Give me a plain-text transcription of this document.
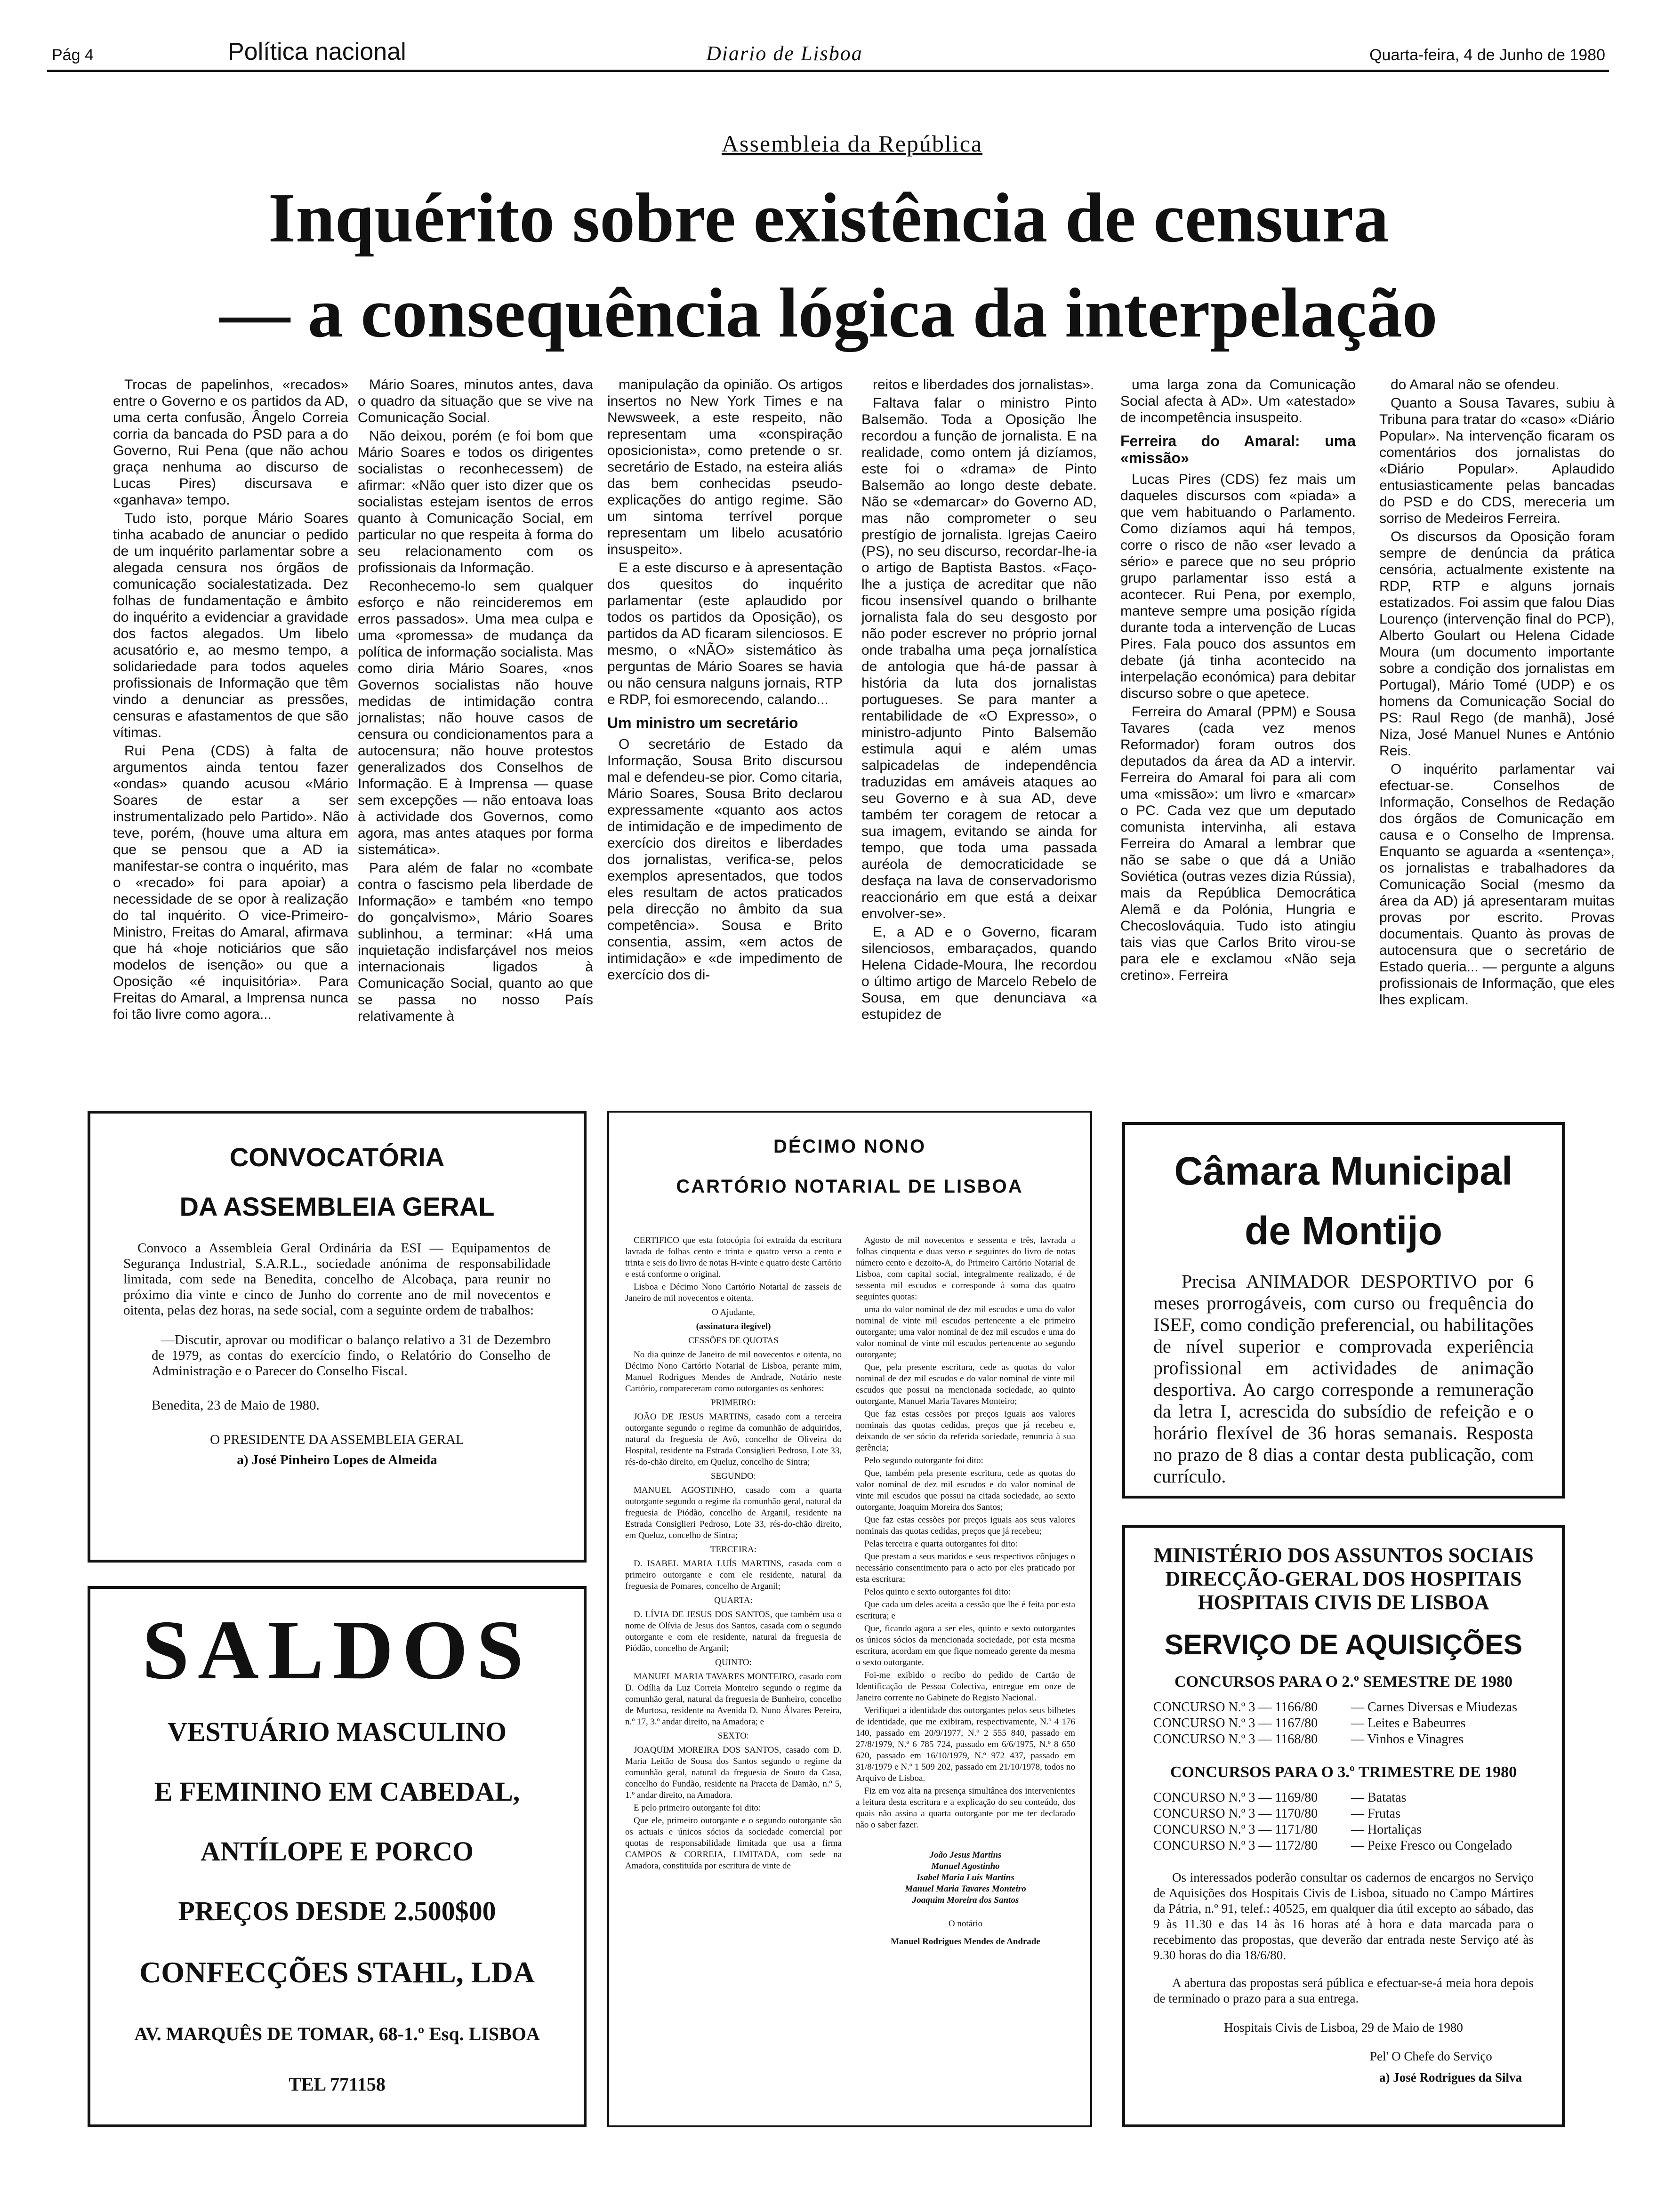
Pág 4	Política nacional	Diario de Lisboa	Quarta-feira, 4 de Junho de 1980
Assembleia da República
Inquérito sobre existência de censura
— a consequência lógica da interpelação

Trocas de papelinhos, «recados» entre o Governo e os partidos da AD, uma certa confusão, Ângelo Correia corria da bancada do PSD para a do Governo, Rui Pena (que não achou graça nenhuma ao discurso de Lucas Pires) discursava e «ganhava» tempo.

Tudo isto, porque Mário Soares tinha acabado de anunciar o pedido de um inquérito parlamentar sobre a alegada censura nos órgãos de comunicação socialestatizada. Dez folhas de fundamentação e âmbito do inquérito a evidenciar a gravidade dos factos alegados. Um libelo acusatório e, ao mesmo tempo, a solidariedade para todos aqueles profissionais de Informação que têm vindo a denunciar as pressões, censuras e afastamentos de que são vítimas.

Rui Pena (CDS) à falta de argumentos ainda tentou fazer «ondas» quando acusou «Mário Soares de estar a ser instrumentalizado pelo Partido». Não teve, porém, (houve uma altura em que se pensou que a AD ia manifestar-se contra o inquérito, mas o «recado» foi para apoiar) a necessidade de se opor à realização do tal inquérito. O vice-Primeiro-Ministro, Freitas do Amaral, afirmava que há «hoje noticiários que são modelos de isenção» ou que a Oposição «é inquisitória». Para Freitas do Amaral, a Imprensa nunca foi tão livre como agora...

Mário Soares, minutos antes, dava o quadro da situação que se vive na Comunicação Social.

Não deixou, porém (e foi bom que Mário Soares e todos os dirigentes socialistas o reconhecessem) de afirmar: «Não quer isto dizer que os socialistas estejam isentos de erros quanto à Comunicação Social, em particular no que respeita à forma do seu relacionamento com os profissionais da Informação.

Reconhecemo-lo sem qualquer esforço e não reincideremos em erros passados». Uma mea culpa e uma «promessa» de mudança da política de informação socialista. Mas como diria Mário Soares, «nos Governos socialistas não houve medidas de intimidação contra jornalistas; não houve casos de censura ou condicionamentos para a autocensura; não houve protestos generalizados dos Conselhos de Informação. E à Imprensa — quase sem excepções — não entoava loas à actividade dos Governos, como agora, mas antes ataques por forma sistemática».

Para além de falar no «combate contra o fascismo pela liberdade de Informação» e também «no tempo do gonçalvismo», Mário Soares sublinhou, a terminar: «Há uma inquietação indisfarçável nos meios internacionais ligados à Comunicação Social, quanto ao que se passa no nosso País relativamente à

manipulação da opinião. Os artigos insertos no New York Times e na Newsweek, a este respeito, não representam uma «conspiração oposicionista», como pretende o sr. secretário de Estado, na esteira aliás das bem conhecidas pseudo-explicações do antigo regime. São um sintoma terrível porque representam um libelo acusatório insuspeito».

E a este discurso e à apresentação dos quesitos do inquérito parlamentar (este aplaudido por todos os partidos da Oposição), os partidos da AD ficaram silenciosos. E mesmo, o «NÃO» sistemático às perguntas de Mário Soares se havia ou não censura nalguns jornais, RTP e RDP, foi esmorecendo, calando...

Um ministro um secretário

O secretário de Estado da Informação, Sousa Brito discursou mal e defendeu-se pior. Como citaria, Mário Soares, Sousa Brito declarou expressamente «quanto aos actos de intimidação e de impedimento de exercício dos direitos e liberdades dos jornalistas, verifica-se, pelos exemplos apresentados, que todos eles resultam de actos praticados pela direcção no âmbito da sua competência». Sousa e Brito consentia, assim, «em actos de intimidação» e «de impedimento de exercício dos di-

reitos e liberdades dos jornalistas».

Faltava falar o ministro Pinto Balsemão. Toda a Oposição lhe recordou a função de jornalista. E na realidade, como ontem já dizíamos, este foi o «drama» de Pinto Balsemão ao longo deste debate. Não se «demarcar» do Governo AD, mas não comprometer o seu prestígio de jornalista. Igrejas Caeiro (PS), no seu discurso, recordar-lhe-ia o artigo de Baptista Bastos. «Faço-lhe a justiça de acreditar que não ficou insensível quando o brilhante jornalista fala do seu desgosto por não poder escrever no próprio jornal onde trabalha uma peça jornalística de antologia que há-de passar à história da luta dos jornalistas portugueses. Se para manter a rentabilidade de «O Expresso», o ministro-adjunto Pinto Balsemão estimula aqui e além umas salpicadelas de independência traduzidas em amáveis ataques ao seu Governo e à sua AD, deve também ter coragem de retocar a sua imagem, evitando se ainda for tempo, que toda uma passada auréola de democraticidade se desfaça na lava de conservadorismo reaccionário em que está a deixar envolver-se».

E, a AD e o Governo, ficaram silenciosos, embaraçados, quando Helena Cidade-Moura, lhe recordou o último artigo de Marcelo Rebelo de Sousa, em que denunciava «a estupidez de

uma larga zona da Comunicação Social afecta à AD». Um «atestado» de incompetência insuspeito.

Ferreira do Amaral: uma «missão»

Lucas Pires (CDS) fez mais um daqueles discursos com «piada» a que vem habituando o Parlamento. Como dizíamos aqui há tempos, corre o risco de não «ser levado a sério» e parece que no seu próprio grupo parlamentar isso está a acontecer. Rui Pena, por exemplo, manteve sempre uma posição rígida durante toda a intervenção de Lucas Pires. Fala pouco dos assuntos em debate (já tinha acontecido na interpelação económica) para debitar discurso sobre o que apetece.

Ferreira do Amaral (PPM) e Sousa Tavares (cada vez menos Reformador) foram outros dos deputados da área da AD a intervir. Ferreira do Amaral foi para ali com uma «missão»: um livro e «marcar» o PC. Cada vez que um deputado comunista intervinha, ali estava Ferreira do Amaral a lembrar que não se sabe o que dá a União Soviética (outras vezes dizia Rússia), mais da República Democrática Alemã e da Polónia, Hungria e Checoslováquia. Tudo isto atingiu tais vias que Carlos Brito virou-se para ele e exclamou «Não seja cretino». Ferreira

do Amaral não se ofendeu.

Quanto a Sousa Tavares, subiu à Tribuna para tratar do «caso» «Diário Popular». Na intervenção ficaram os comentários dos jornalistas do «Diário Popular». Aplaudido entusiasticamente pelas bancadas do PSD e do CDS, mereceria um sorriso de Medeiros Ferreira.

Os discursos da Oposição foram sempre de denúncia da prática censória, actualmente existente na RDP, RTP e alguns jornais estatizados. Foi assim que falou Dias Lourenço (intervenção final do PCP), Alberto Goulart ou Helena Cidade Moura (um documento importante sobre a condição dos jornalistas em Portugal), Mário Tomé (UDP) e os homens da Comunicação Social do PS: Raul Rego (de manhã), José Niza, José Manuel Nunes e António Reis.

O inquérito parlamentar vai efectuar-se. Conselhos de Informação, Conselhos de Redação dos órgãos de Comunicação em causa e o Conselho de Imprensa. Enquanto se aguarda a «sentença», os jornalistas e trabalhadores da Comunicação Social (mesmo da área da AD) já apresentaram muitas provas por escrito. Provas documentais. Quanto às provas de autocensura que o secretário de Estado queria... — pergunte a alguns profissionais de Informação, que eles lhes explicam.

CONVOCATÓRIA
DA ASSEMBLEIA GERAL
Convoco a Assembleia Geral Ordinária da ESI — Equipamentos de Segurança Industrial, S.A.R.L., sociedade anónima de responsabilidade limitada, com sede na Benedita, concelho de Alcobaça, para reunir no próximo dia vinte e cinco de Junho do corrente ano de mil novecentos e oitenta, pelas dez horas, na sede social, com a seguinte ordem de trabalhos:
—Discutir, aprovar ou modificar o balanço relativo a 31 de Dezembro de 1979, as contas do exercício findo, o Relatório do Conselho de Administração e o Parecer do Conselho Fiscal.
Benedita, 23 de Maio de 1980.
O PRESIDENTE DA ASSEMBLEIA GERAL
a) José Pinheiro Lopes de Almeida
SALDOS
VESTUÁRIO MASCULINO
E FEMININO EM CABEDAL,
ANTÍLOPE E PORCO
PREÇOS DESDE 2.500$00
CONFECÇÕES STAHL, LDA
AV. MARQUÊS DE TOMAR, 68-1.º Esq. LISBOA
TEL 771158
DÉCIMO NONO
CARTÓRIO NOTARIAL DE LISBOA

CERTIFICO que esta fotocópia foi extraída da escritura lavrada de folhas cento e trinta e quatro verso a cento e trinta e seis do livro de notas H-vinte e quatro deste Cartório e está conforme o original.

Lisboa e Décimo Nono Cartório Notarial de zasseis de Janeiro de mil novecentos e oitenta.

O Ajudante,

(assinatura ilegível)

CESSÕES DE QUOTAS

No dia quinze de Janeiro de mil novecentos e oitenta, no Décimo Nono Cartório Notarial de Lisboa, perante mim, Manuel Rodrigues Mendes de Andrade, Notário neste Cartório, compareceram como outorgantes os senhores:

PRIMEIRO:

JOÃO DE JESUS MARTINS, casado com a terceira outorgante segundo o regime da comunhão de adquiridos, natural da freguesia de Avô, concelho de Oliveira do Hospital, residente na Estrada Consiglieri Pedroso, Lote 33, rés-do-chão direito, em Queluz, concelho de Sintra;

SEGUNDO:

MANUEL AGOSTINHO, casado com a quarta outorgante segundo o regime da comunhão geral, natural da freguesia de Piódão, concelho de Arganil, residente na Estrada Consiglieri Pedroso, Lote 33, rés-do-chão direito, em Queluz, concelho de Sintra;

TERCEIRA:

D. ISABEL MARIA LUÍS MARTINS, casada com o primeiro outorgante e com ele residente, natural da freguesia de Pomares, concelho de Arganil;

QUARTA:

D. LÍVIA DE JESUS DOS SANTOS, que também usa o nome de Olívia de Jesus dos Santos, casada com o segundo outorgante e com ele residente, natural da freguesia de Piódão, concelho de Arganil;

QUINTO:

MANUEL MARIA TAVARES MONTEIRO, casado com D. Odília da Luz Correia Monteiro segundo o regime da comunhão geral, natural da freguesia de Bunheiro, concelho de Murtosa, residente na Avenida D. Nuno Álvares Pereira, n.º 17, 3.º andar direito, na Amadora; e

SEXTO:

JOAQUIM MOREIRA DOS SANTOS, casado com D. Maria Leitão de Sousa dos Santos segundo o regime da comunhão geral, natural da freguesia de Souto da Casa, concelho do Fundão, residente na Praceta de Damão, n.º 5, 1.º andar direito, na Amadora.

E pelo primeiro outorgante foi dito:

Que ele, primeiro outorgante e o segundo outorgante são os actuais e únicos sócios da sociedade comercial por quotas de responsabilidade limitada que usa a firma CAMPOS & CORREIA, LIMITADA, com sede na Amadora, constituída por escritura de vinte de

Agosto de mil novecentos e sessenta e três, lavrada a folhas cinquenta e duas verso e seguintes do livro de notas número cento e dezoito-A, do Primeiro Cartório Notarial de Lisboa, com capital social, integralmente realizado, é de sessenta mil escudos e corresponde à soma das quatro seguintes quotas:

uma do valor nominal de dez mil escudos e uma do valor nominal de vinte mil escudos pertencente a ele primeiro outorgante; uma valor nominal de dez mil escudos e uma do valor nominal de vinte mil escudos pertencente ao segundo outorgante;

Que, pela presente escritura, cede as quotas do valor nominal de dez mil escudos e do valor nominal de vinte mil escudos que possui na mencionada sociedade, ao quinto outorgante, Manuel Maria Tavares Monteiro;

Que faz estas cessões por preços iguais aos valores nominais das quotas cedidas, preços que já recebeu e, deixando de ser sócio da referida sociedade, renuncia à sua gerência;

Pelo segundo outorgante foi dito:

Que, também pela presente escritura, cede as quotas do valor nominal de dez mil escudos e do valor nominal de vinte mil escudos que possui na citada sociedade, ao sexto outorgante, Joaquim Moreira dos Santos;

Que faz estas cessões por preços iguais aos seus valores nominais das quotas cedidas, preços que já recebeu;

Pelas terceira e quarta outorgantes foi dito:

Que prestam a seus maridos e seus respectivos cônjuges o necessário consentimento para o acto por eles praticado por esta escritura;

Pelos quinto e sexto outorgantes foi dito:

Que cada um deles aceita a cessão que lhe é feita por esta escritura; e

Que, ficando agora a ser eles, quinto e sexto outorgantes os únicos sócios da mencionada sociedade, por esta mesma escritura, acordam em que fique nomeado gerente da mesma o sexto outorgante.

Foi-me exibido o recibo do pedido de Cartão de Identificação de Pessoa Colectiva, entregue em onze de Janeiro corrente no Gabinete do Registo Nacional.

Verifiquei a identidade dos outorgantes pelos seus bilhetes de identidade, que me exibiram, respectivamente, N.º 4 176 140, passado em 20/9/1977, N.º 2 555 840, passado em 27/8/1979, N.º 6 785 724, passado em 6/6/1975, N.º 8 650 620, passado em 16/10/1979, N.º 972 437, passado em 31/8/1979 e N.º 1 509 202, passado em 21/10/1978, todos no Arquivo de Lisboa.

Fiz em voz alta na presença simultânea dos intervenientes a leitura desta escritura e a explicação do seu conteúdo, dos quais não assina a quarta outorgante por me ter declarado não o saber fazer.

João Jesus Martins
Manuel Agostinho
Isabel Maria Luís Martins
Manuel Maria Tavares Monteiro
Joaquim Moreira dos Santos
O notário
Manuel Rodrigues Mendes de Andrade
Câmara Municipal
de Montijo
Precisa ANIMADOR DESPORTIVO por 6 meses prorrogáveis, com curso ou frequência do ISEF, como condição preferencial, ou habilitações de nível superior e comprovada experiência profissional em actividades de animação desportiva. Ao cargo corresponde a remuneração da letra I, acrescida do subsídio de refeição e o horário flexível de 36 horas semanais. Resposta no prazo de 8 dias a contar desta publicação, com currículo.
MINISTÉRIO DOS ASSUNTOS SOCIAIS
DIRECÇÃO-GERAL DOS HOSPITAIS
HOSPITAIS CIVIS DE LISBOA
SERVIÇO DE AQUISIÇÕES
CONCURSOS PARA O 2.º SEMESTRE DE 1980
CONCURSO N.º 3 — 1166/80	— Carnes Diversas e Miudezas
CONCURSO N.º 3 — 1167/80	— Leites e Babeurres
CONCURSO N.º 3 — 1168/80	— Vinhos e Vinagres
CONCURSOS PARA O 3.º TRIMESTRE DE 1980
CONCURSO N.º 3 — 1169/80	— Batatas
CONCURSO N.º 3 — 1170/80	— Frutas
CONCURSO N.º 3 — 1171/80	— Hortaliças
CONCURSO N.º 3 — 1172/80	— Peixe Fresco ou Congelado
Os interessados poderão consultar os cadernos de encargos no Serviço de Aquisições dos Hospitais Civis de Lisboa, situado no Campo Mártires da Pátria, n.º 91, telef.: 40525, em qualquer dia útil excepto ao sábado, das 9 às 11.30 e das 14 às 16 horas até à hora e data marcada para o recebimento das propostas, que deverão dar entrada neste Serviço até às 9.30 horas do dia 18/6/80.
A abertura das propostas será pública e efectuar-se-á meia hora depois de terminado o prazo para a sua entrega.
Hospitais Civis de Lisboa, 29 de Maio de 1980
Pel' O Chefe do Serviço
a) José Rodrigues da Silva
